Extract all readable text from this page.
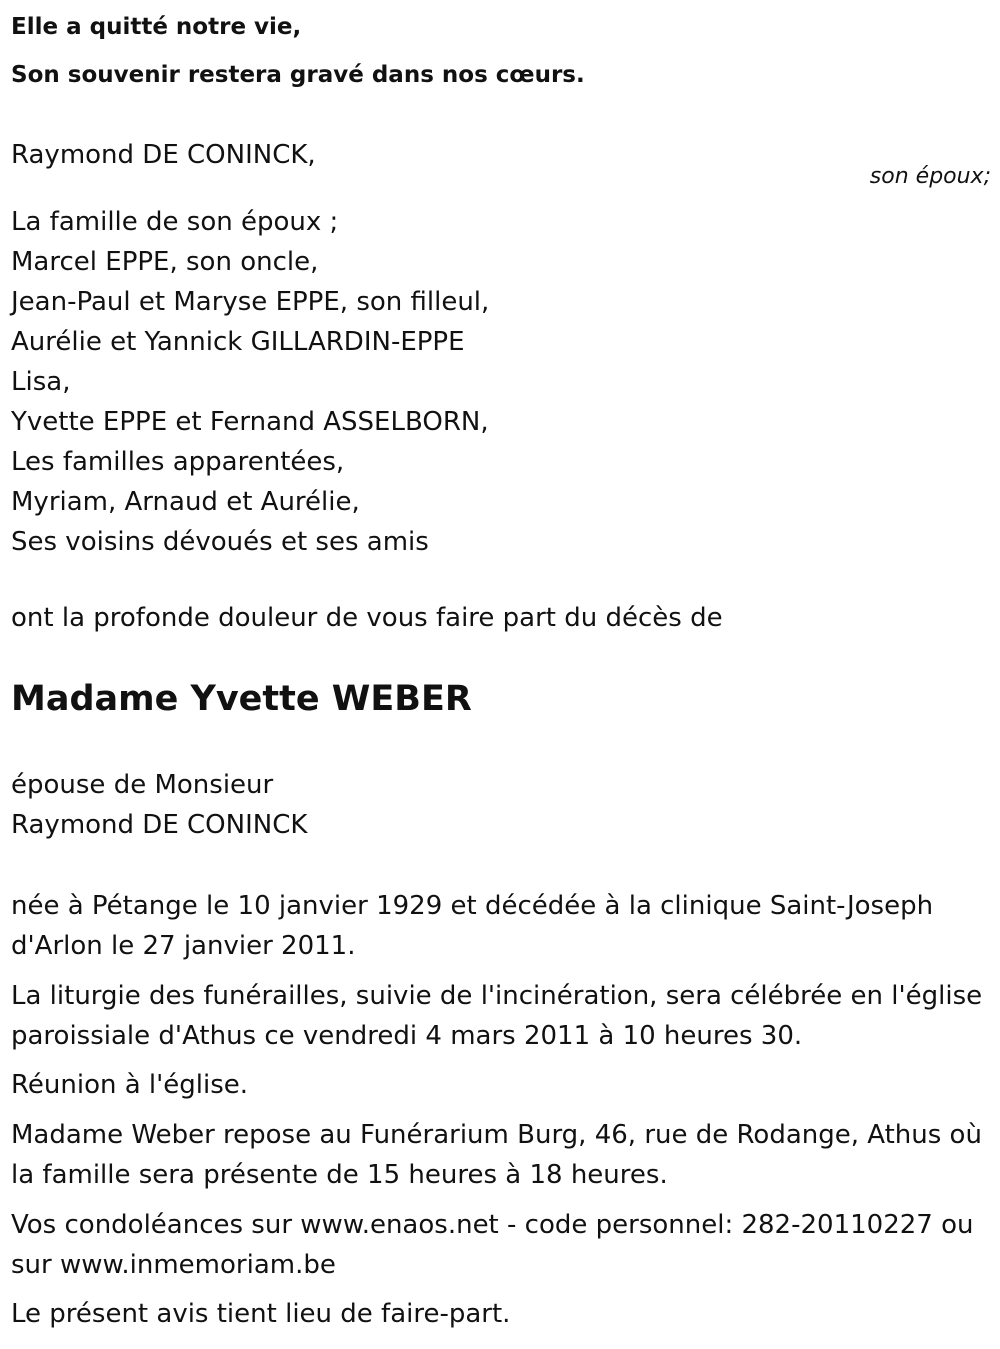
Elle a quitté notre vie,

Son souvenir restera gravé dans nos cœurs.

Raymond DE CONINCK,

son époux;
La famille de son époux ;
Marcel EPPE, son oncle,
Jean-Paul et Maryse EPPE, son filleul,
Aurélie et Yannick GILLARDIN-EPPE
Lisa,
Yvette EPPE et Fernand ASSELBORN,
Les familles apparentées,
Myriam, Arnaud et Aurélie,
Ses voisins dévoués et ses amis

ont la profonde douleur de vous faire part du décès de

Madame Yvette WEBER

épouse de Monsieur

Raymond DE CONINCK

née à Pétange le 10 janvier 1929 et décédée à la clinique Saint-Joseph d'Arlon le 27 janvier 2011.

La liturgie des funérailles, suivie de l'incinération, sera célébrée en l'église paroissiale d'Athus ce vendredi 4 mars 2011 à 10 heures 30.

Réunion à l'église.

Madame Weber repose au Funérarium Burg, 46, rue de Rodange, Athus où la famille sera présente de 15 heures à 18 heures.

Vos condoléances sur www.enaos.net - code personnel: 282-20110227 ou sur www.inmemoriam.be

Le présent avis tient lieu de faire-part.
